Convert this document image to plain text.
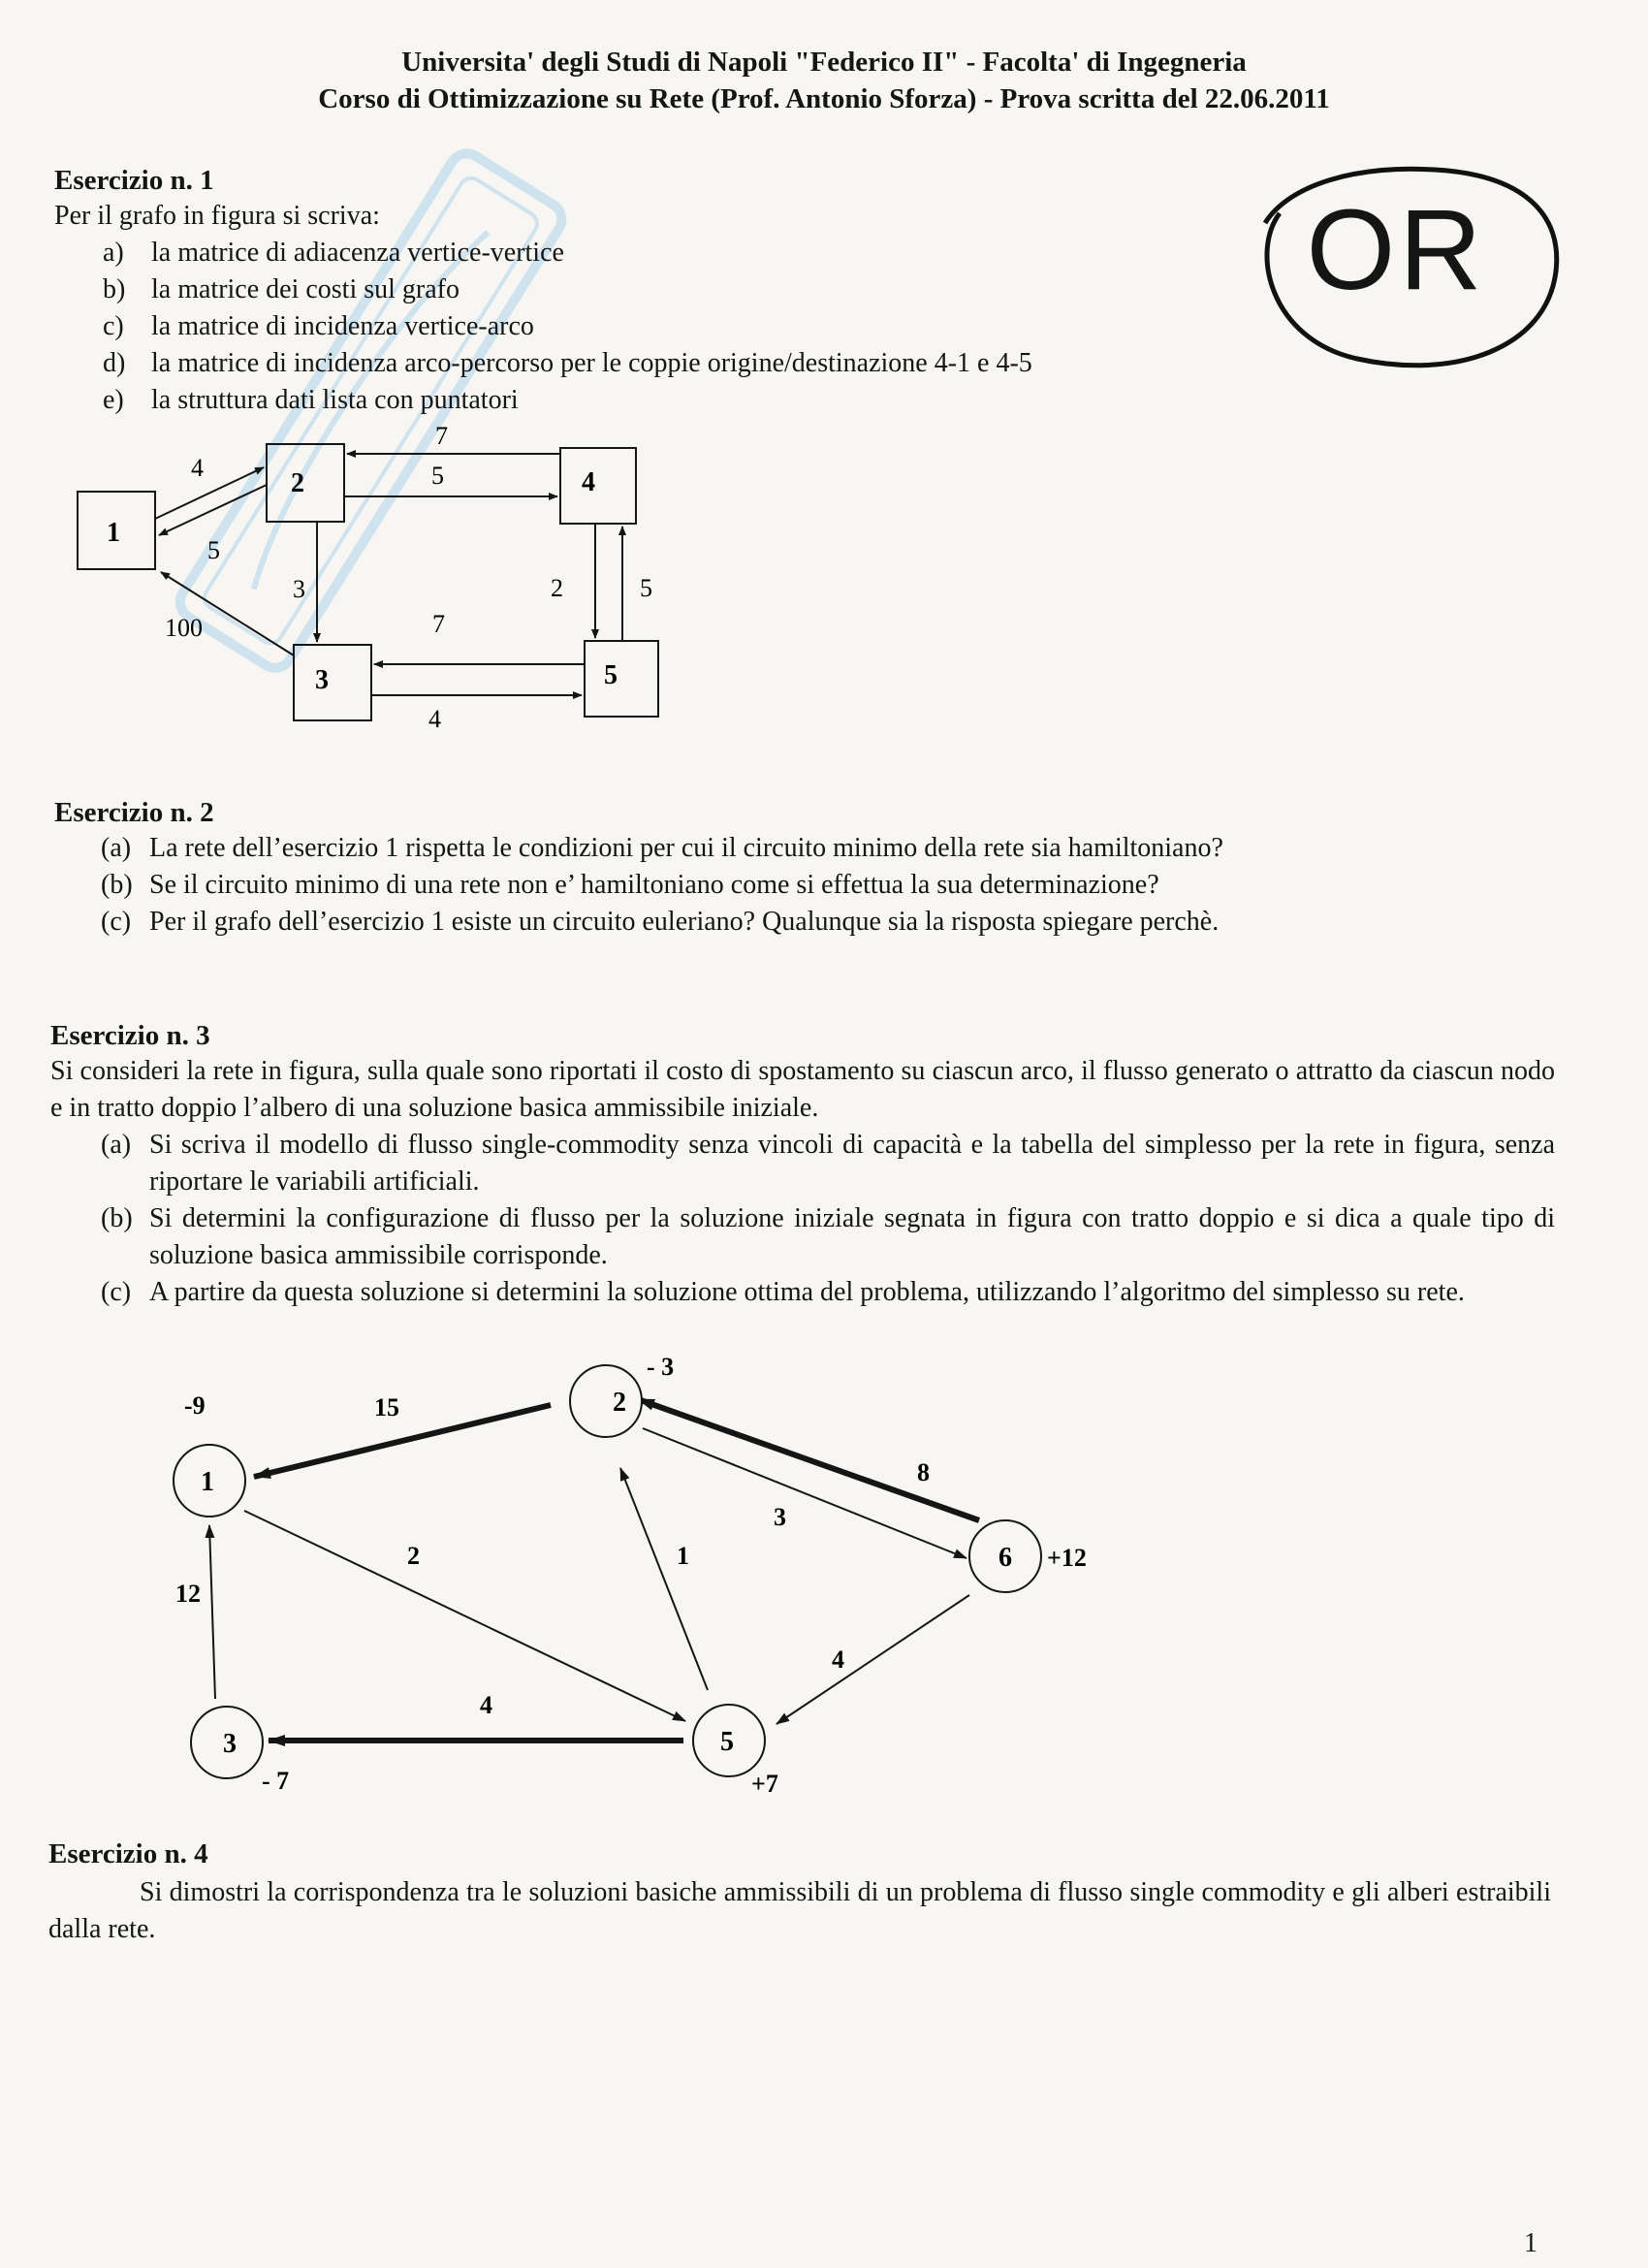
Universita' degli Studi di Napoli "Federico II" - Facolta' di Ingegneria
Corso di Ottimizzazione su Rete (Prof. Antonio Sforza) - Prova scritta del 22.06.2011
OR
Esercizio n. 1
Per il grafo in figura si scriva:
a) la matrice di adiacenza vertice-vertice
b) la matrice dei costi sul grafo
c) la matrice di incidenza vertice-arco
d) la matrice di incidenza arco-percorso per le coppie origine/destinazione 4-1 e 4-5
e) la struttura dati lista con puntatori
1
2
3
4
5
4
5
7
5
3
100
2	5
7
4
Esercizio n. 2
(a) La rete dell’esercizio 1 rispetta le condizioni per cui il circuito minimo della rete sia hamiltoniano?
(b) Se il circuito minimo di una rete non e’ hamiltoniano come si effettua la sua determinazione?
(c) Per il grafo dell’esercizio 1 esiste un circuito euleriano? Qualunque sia la risposta spiegare perchè.
Esercizio n. 3
Si consideri la rete in figura, sulla quale sono riportati il costo di spostamento su ciascun arco, il flusso generato o attratto da ciascun nodo e in tratto doppio l’albero di una soluzione basica ammissibile iniziale.
(a) Si scriva il modello di flusso single-commodity senza vincoli di capacità e la tabella del simplesso per la rete in figura, senza riportare le variabili artificiali.
(b) Si determini la configurazione di flusso per la soluzione iniziale segnata in figura con tratto doppio e si dica a quale tipo di soluzione basica ammissibile corrisponde.
(c) A partire da questa soluzione si determini la soluzione ottima del problema, utilizzando l’algoritmo del simplesso su rete.
15
2
12
1
3
8
4
4
1
-9	2
- 3
3
- 7
5
+7
6 +12
Esercizio n. 4
Si dimostri la corrispondenza tra le soluzioni basiche ammissibili di un problema di flusso single commodity e gli alberi estraibili dalla rete.
1
